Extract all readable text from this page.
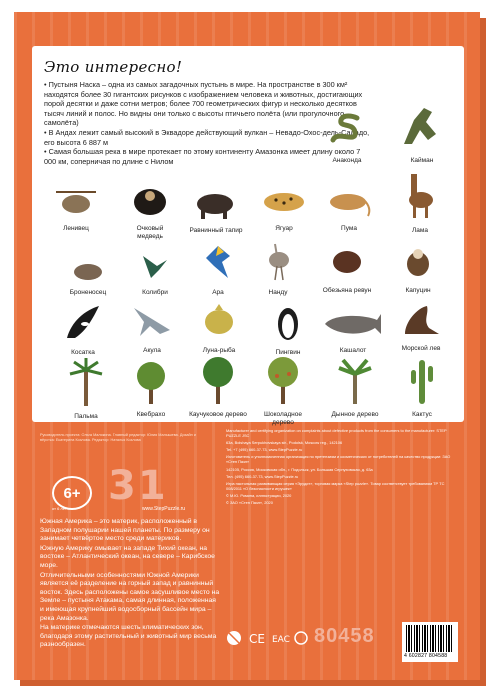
Это интересно!

• Пустыня Наска – одна из самых загадочных пустынь в мире. На пространстве в 300 км² находятся более 30 гигантских рисунков с изображением человека и животных, достигающих порой десятки и даже сотни метров; более 700 геометрических фигур и несколько десятков тысяч линий и полос. Но видны они только с высоты птичьего полёта (или прогулочного самолёта)

• В Андах лежит самый высокий в Эквадоре действующий вулкан – Невадо-Охос-дель-Саладо, его высота 6 887 м

• Самая большая река в мире протекает по этому континенту Амазонка имеет длину около 7 000 км, соперничая по длине с Нилом	Анаконда	Кайман
Ленивец	Очковый медведь
Равнинный тапир	Ягуар	Пума	Лама
Броненосец	Колибри	Ара	Нанду	Обезьяна ревун	Капуцин
Косатка	Акула	Луна-рыба	Пингвин	Кашалот	Морской лев
Пальма	Квебрахо	Каучуковое дерево	Шоколадное дерево
Дынное дерево	Кактус
Руководитель проекта: Ольга Малякина. Главный редактор: Юлия Малышева. Дизайн и вёрстка: Екатерина Козлова. Редактор: Наталья Козлова

Manufacturer and certifying organization on complaints about defective products from the consumers to the manufacturer: STEP PUZZLE JSC

63a, Bolshaya Serpukhovskaya str., Podolsk, Moscow reg., 142106

Tel. +7 (495) 660-37-73, www.StepPuzzle.ru

Изготовитель и уполномоченная организация по претензиям и косметических от потребителей на качество продукции: ЗАО «Степ Пазл»

142105, Россия, Московская обл., г. Подольск, ул. Большая Серпуховская, д. 63а

Тел. (495) 660-37-73, www.StepPuzzle.ru

Игра настольная развивающая серия «Эрудит», торговая марка «Step puzzle». Товар соответствует требованиям ТР ТС 008/2011 «О безопасности игрушек»

© М.Ю. Ромина, иллюстрации, 2020

© ЗАО «Степ Пазл», 2020

6+
от 6 лет 31
www.StepPuzzle.ru

Южная Америка – это материк, расположенный в Западном полушарии нашей планеты. По размеру он занимает четвёртое место среди материков.

Южную Америку омывает на западе Тихий океан, на востоке – Атлантический океан, на севере – Карибское море.

Отличительными особенностями Южной Америки является её разделение на горный запад и равнинный восток. Здесь расположены самое засушливое место на Земле – пустыня Атакама, самая длинная, положенная и имеющая крупнейший водосборный бассейн мира – река Амазонка.

На материке отмечаются шесть климатических зон, благодаря этому растительный и животный мир весьма разнообразен.	CE EAC 80458
4 602827 804588
